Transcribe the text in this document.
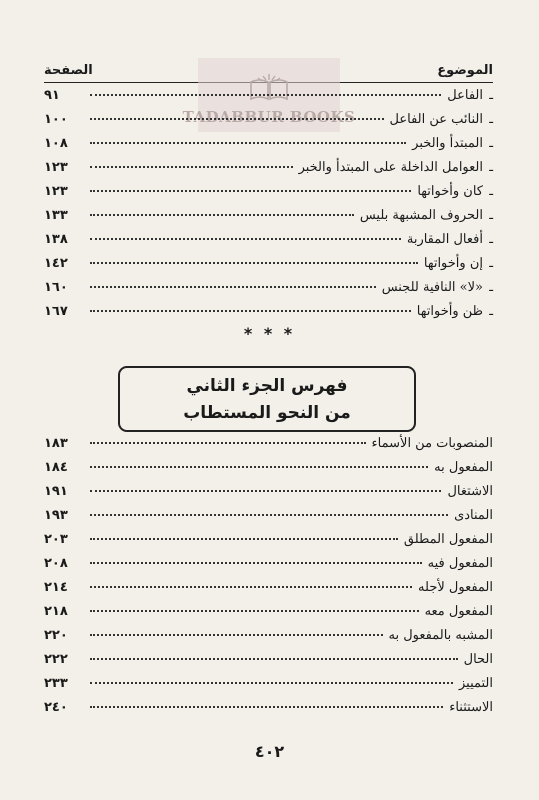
الموضوع
الصفحة
TADABBUR BOOKS
ـ
الفاعل
٩١
ـ
النائب عن الفاعل
١٠٠
ـ
المبتدأ والخبر
١٠٨
ـ
العوامل الداخلة على المبتدأ والخبر
١٢٣
ـ
كان وأخواتها
١٢٣
ـ
الحروف المشبهة بليس
١٣٣
ـ
أفعال المقاربة
١٣٨
ـ
إن وأخواتها
١٤٢
ـ
«لا» النافية للجنس
١٦٠
ـ
ظن وأخواتها
١٦٧
* * *
فهرس الجزء الثاني
من النحو المستطاب
المنصوبات من الأسماء
١٨٣
المفعول به
١٨٤
الاشتغال
١٩١
المنادى
١٩٣
المفعول المطلق
٢٠٣
المفعول فيه
٢٠٨
المفعول لأجله
٢١٤
المفعول معه
٢١٨
المشبه بالمفعول به
٢٢٠
الحال
٢٢٢
التمييز
٢٣٣
الاستثناء
٢٤٠
٤٠٢
